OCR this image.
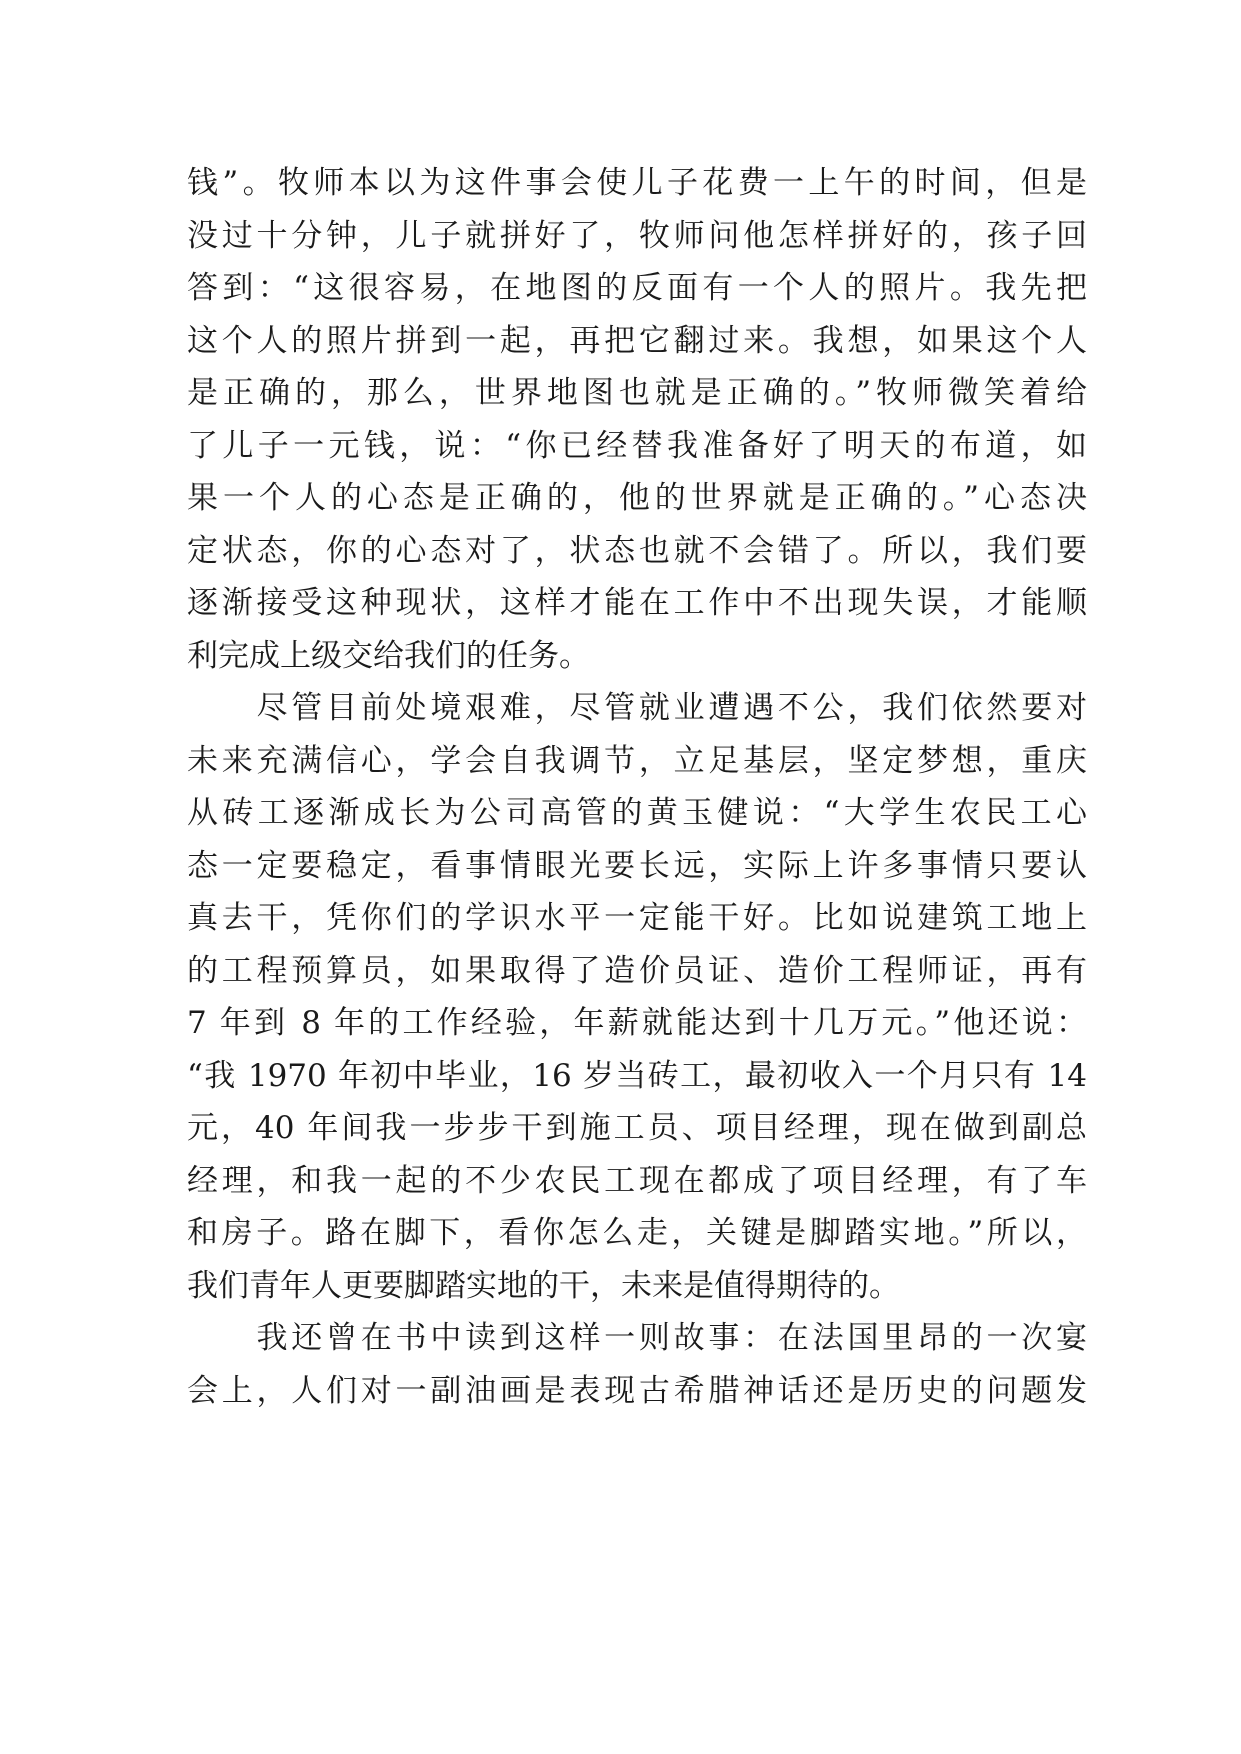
钱”。牧师本以为这件事会使儿子花费一上午的时间，但是
没过十分钟，儿子就拼好了，牧师问他怎样拼好的，孩子回
答到：“这很容易，在地图的反面有一个人的照片。我先把
这个人的照片拼到一起，再把它翻过来。我想，如果这个人
是正确的，那么，世界地图也就是正确的。”牧师微笑着给
了儿子一元钱，说：“你已经替我准备好了明天的布道，如
果一个人的心态是正确的，他的世界就是正确的。”心态决
定状态，你的心态对了，状态也就不会错了。所以，我们要
逐渐接受这种现状，这样才能在工作中不出现失误，才能顺
利完成上级交给我们的任务。
　　尽管目前处境艰难，尽管就业遭遇不公，我们依然要对
未来充满信心，学会自我调节，立足基层，坚定梦想，重庆
从砖工逐渐成长为公司高管的黄玉健说：“大学生农民工心
态一定要稳定，看事情眼光要长远，实际上许多事情只要认
真去干，凭你们的学识水平一定能干好。比如说建筑工地上
的工程预算员，如果取得了造价员证、造价工程师证，再有
7 年到 8 年的工作经验，年薪就能达到十几万元。”他还说：
“我 1970 年初中毕业，16 岁当砖工，最初收入一个月只有 14
元，40 年间我一步步干到施工员、项目经理，现在做到副总
经理，和我一起的不少农民工现在都成了项目经理，有了车
和房子。路在脚下，看你怎么走，关键是脚踏实地。”所以，
我们青年人更要脚踏实地的干，未来是值得期待的。
　　我还曾在书中读到这样一则故事：在法国里昂的一次宴
会上，人们对一副油画是表现古希腊神话还是历史的问题发
